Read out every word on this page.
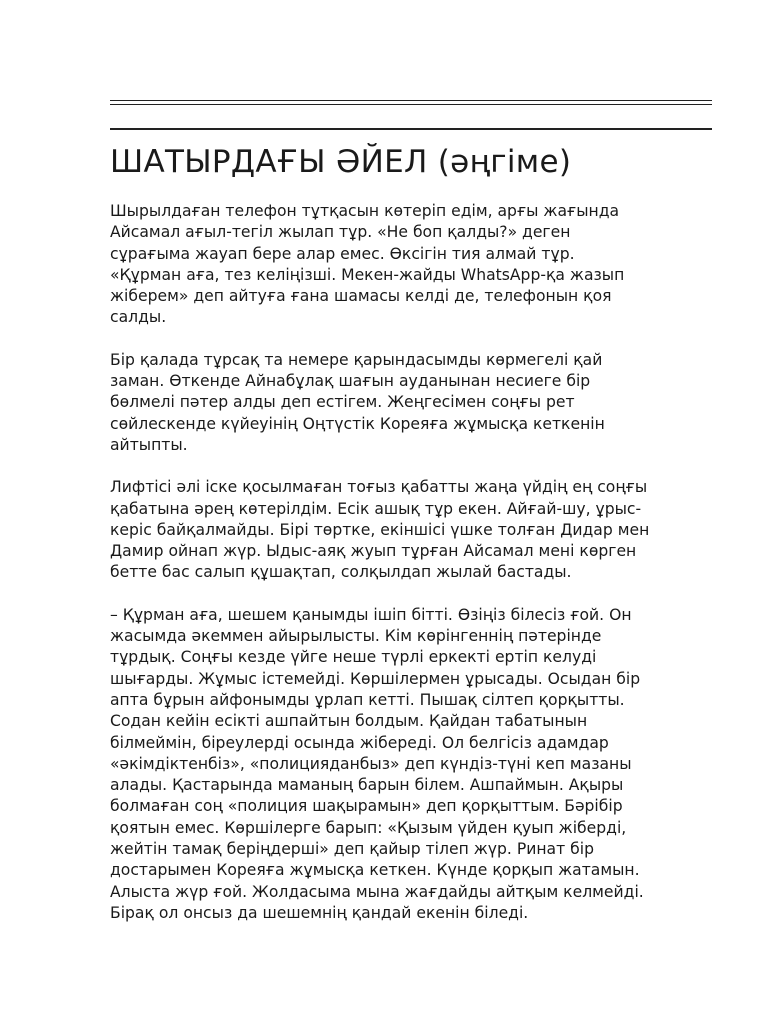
ШАТЫРДАҒЫ ӘЙЕЛ (әңгіме)

Шырылдаған телефон тұтқасын көтеріп едім, арғы жағында
Айсамал ағыл-тегіл жылап тұр. «Не боп қалды?» деген
сұрағыма жауап бере алар емес. Өксігін тия алмай тұр.
«Құрман аға, тез келіңізші. Мекен-жайды WhatsApp-қа жазып
жіберем» деп айтуға ғана шамасы келді де, телефонын қоя
салды.

Бір қалада тұрсақ та немере қарындасымды көрмегелі қай
заман. Өткенде Айнабұлақ шағын ауданынан несиеге бір
бөлмелі пәтер алды деп естігем. Жеңгесімен соңғы рет
сөйлескенде күйеуінің Оңтүстік Кореяға жұмысқа кеткенін
айтыпты.

Лифтісі әлі іске қосылмаған тоғыз қабатты жаңа үйдің ең соңғы
қабатына әрең көтерілдім. Есік ашық тұр екен. Айғай-шу, ұрыс-
керіс байқалмайды. Бірі төртке, екіншісі үшке толған Дидар мен
Дамир ойнап жүр. Ыдыс-аяқ жуып тұрған Айсамал мені көрген
бетте бас салып құшақтап, солқылдап жылай бастады.

– Құрман аға, шешем қанымды ішіп бітті. Өзіңіз білесіз ғой. Он
жасымда әкеммен айырылысты. Кім көрінгеннің пәтерінде
тұрдық. Соңғы кезде үйге неше түрлі еркекті ертіп келуді
шығарды. Жұмыс істемейді. Көршілермен ұрысады. Осыдан бір
апта бұрын айфонымды ұрлап кетті. Пышақ сілтеп қорқытты.
Содан кейін есікті ашпайтын болдым. Қайдан табатынын
білмеймін, біреулерді осында жібереді. Ол белгісіз адамдар
«әкімдіктенбіз», «полицияданбыз» деп күндіз-түні кеп мазаны
алады. Қастарында маманың барын білем. Ашпаймын. Ақыры
болмаған соң «полиция шақырамын» деп қорқыттым. Бәрібір
қоятын емес. Көршілерге барып: «Қызым үйден қуып жіберді,
жейтін тамақ беріңдерші» деп қайыр тілеп жүр. Ринат бір
достарымен Кореяға жұмысқа кеткен. Күнде қорқып жатамын.
Алыста жүр ғой. Жолдасыма мына жағдайды айтқым келмейді.
Бірақ ол онсыз да шешемнің қандай екенін біледі.
